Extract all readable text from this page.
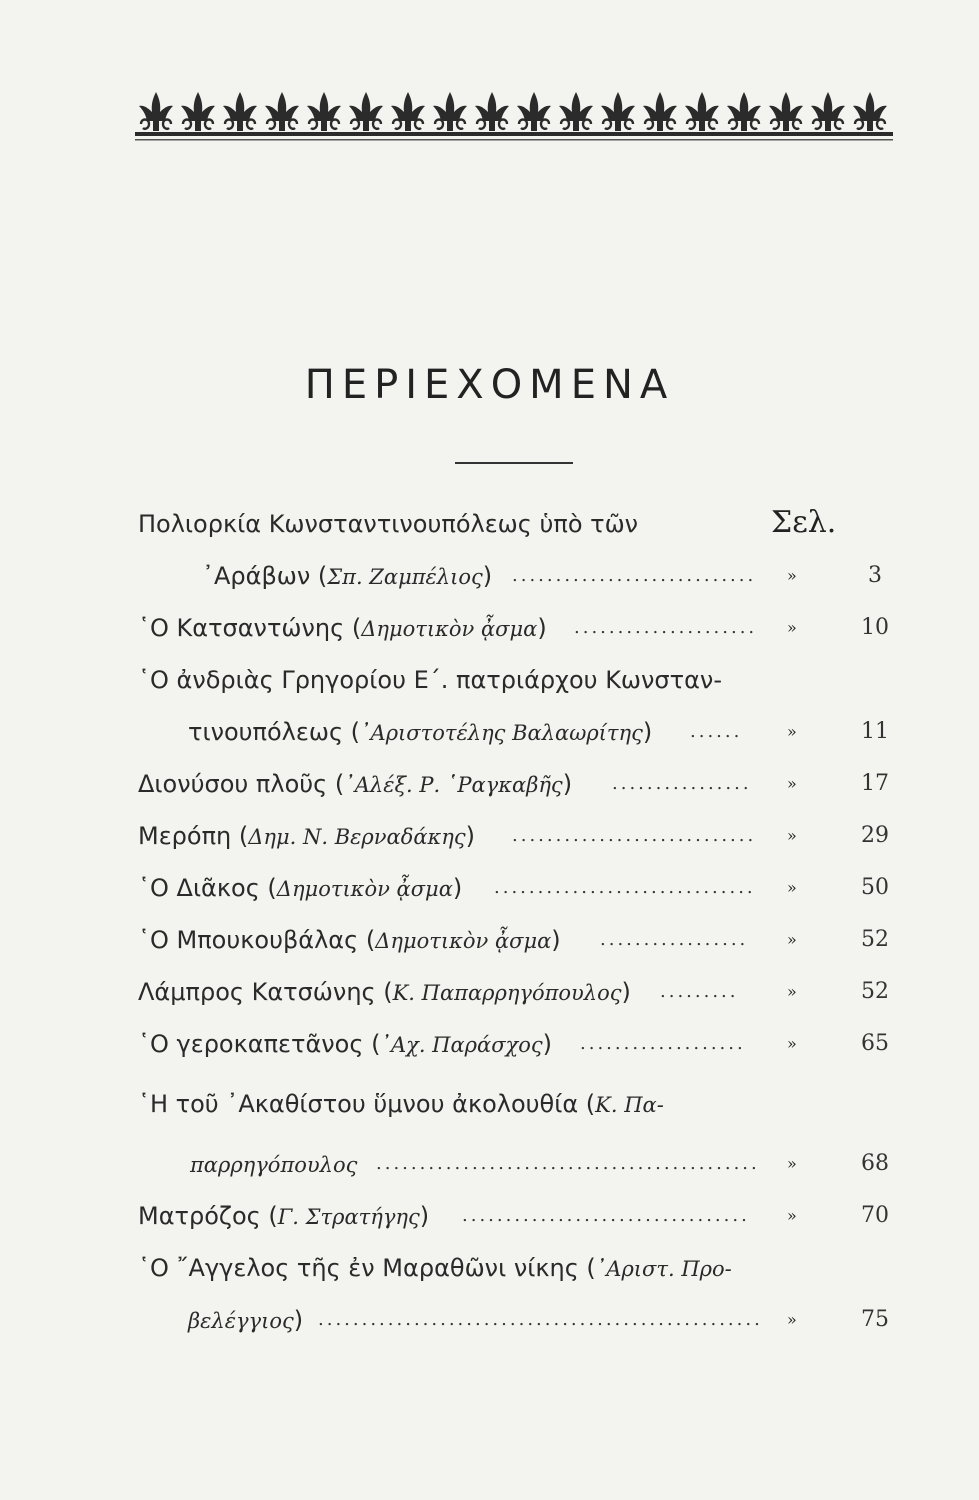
ΠΕΡΙΕΧΟΜΕΝΑ
Σελ.
Πολιορκία Κωνσταντινουπόλεως ὑπὸ τῶν
᾿Αράβων (Σπ. Ζαμπέλιος) ............................ »	3
῾Ο Κατσαντώνης (Δημοτικὸν ᾆσμα) ..................... »	10
῾Ο ἀνδριὰς Γρηγορίου Ε΄. πατριάρχου Κωνσταν-
τινουπόλεως (᾿Αριστοτέλης Βαλαωρίτης) ......	»	11
Διονύσου πλοῦς (᾿Αλέξ. Ρ. ῾Ραγκαβῆς) ................ »	17
Μερόπη (Δημ. Ν. Βερναδάκης) ............................ »	29
῾Ο Διᾶκος (Δημοτικὸν ᾆσμα) .............................. »	50
῾Ο Μπουκουβάλας (Δημοτικὸν ᾆσμα) ................. »	52
Λάμπρος Κατσώνης (Κ. Παπαρρηγόπουλος) .........	»	52
῾Ο γεροκαπετᾶνος (᾿Αχ. Παράσχος) ...................	»	65
῾Η τοῦ ᾿Ακαθίστου ὕμνου ἀκολουθία (Κ. Πα-
παρρηγόπουλος ............................................ »	68
Ματρόζος (Γ. Στρατήγης) ................................. »	70
῾Ο ῎Αγγελος τῆς ἐν Μαραθῶνι νίκης (᾿Αριστ. Προ-
βελέγγιος) ................................................... »	75
